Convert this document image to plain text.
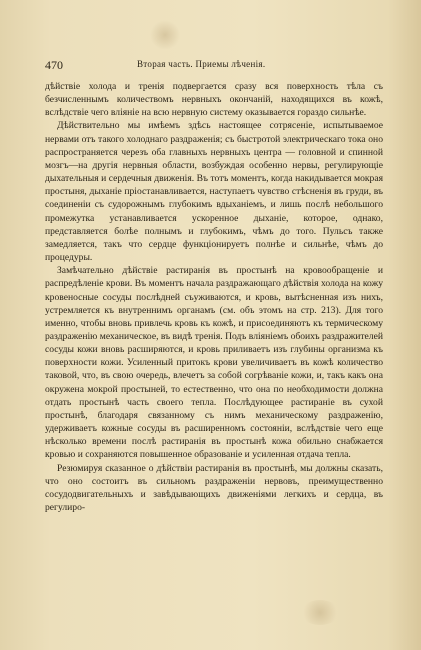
470	Вторая часть. Приемы лѣченія.

дѣйствіе холода и тренія подвергается сразу вся поверхность тѣла съ безчисленнымъ количествомъ нервныхъ окончаній, находящихся въ кожѣ, вслѣдствіе чего вліяніе на всю нервную систему оказывается гораздо сильнѣе.

Дѣйствительно мы имѣемъ здѣсь настоящее сотрясеніе, испытываемое нервами отъ такого холоднаго раздраженія; съ быстротой электрическаго тока оно распространяется черезъ оба главныхъ нервныхъ центра — головной и спинной мозгъ—на другія нервныя области, возбуждая особенно нервы, регулирующіе дыхательныя и сердечныя движенія. Въ тотъ моментъ, когда накидывается мокрая простыня, дыханіе пріостанавливается, наступаетъ чувство стѣсненія въ груди, въ соединеніи съ судорожнымъ глубокимъ вдыханіемъ, и лишь послѣ небольшого промежутка устанавливается ускоренное дыханіе, которое, однако, представляется болѣе полнымъ и глубокимъ, чѣмъ до того. Пульсъ также замедляется, такъ что сердце функціонируетъ полнѣе и сильнѣе, чѣмъ до процедуры.

Замѣчательно дѣйствіе растиранія въ простынѣ на кровообращеніе и распредѣленіе крови. Въ моментъ начала раздражающаго дѣйствія холода на кожу кровеносные сосуды послѣдней съуживаются, и кровь, вытѣсненная изъ нихъ, устремляется къ внутреннимъ органамъ (см. объ этомъ на стр. 213). Для того именно, чтобы вновь привлечь кровь къ кожѣ, и присоединяютъ къ термическому раздраженію механическое, въ видѣ тренія. Подъ вліяніемъ обоихъ раздражителей сосуды кожи вновь расширяются, и кровь приливаетъ изъ глубины организма къ поверхности кожи. Усиленный притокъ крови увеличиваетъ въ кожѣ количество таковой, что, въ свою очередь, влечетъ за собой согрѣваніе кожи, и, такъ какъ она окружена мокрой простыней, то естественно, что она по необходимости должна отдать простынѣ часть своего тепла. Послѣдующее растираніе въ сухой простынѣ, благодаря связанному съ нимъ механическому раздраженію, удерживаетъ кожные сосуды въ расширенномъ состояніи, вслѣдствіе чего еще нѣсколько времени послѣ растиранія въ простынѣ кожа обильно снабжается кровью и сохраняются повышенное образованіе и усиленная отдача тепла.

Резюмируя сказанное о дѣйствіи растиранія въ простынѣ, мы должны сказать, что оно состоитъ въ сильномъ раздраженіи нервовъ, преимущественно сосудодвигательныхъ и завѣдывающихъ движеніями легкихъ и сердца, въ регулиро-
